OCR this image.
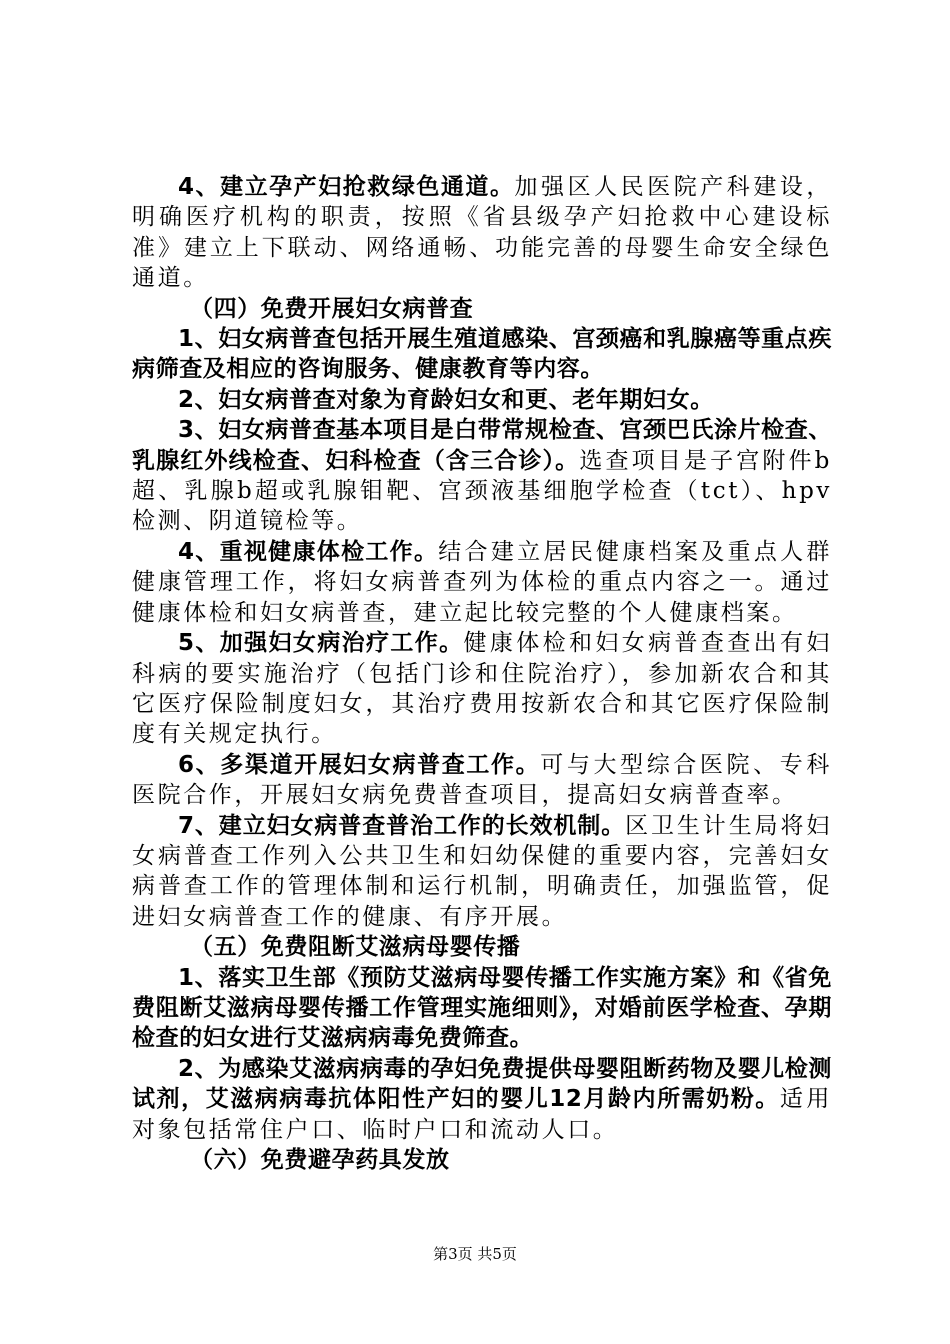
4、建立孕产妇抢救绿色通道。加强区人民医院产科建设，明确医疗机构的职责，按照《省县级孕产妇抢救中心建设标准》建立上下联动、网络通畅、功能完善的母婴生命安全绿色通道。

（四）免费开展妇女病普查

1、妇女病普查包括开展生殖道感染、宫颈癌和乳腺癌等重点疾病筛查及相应的咨询服务、健康教育等内容。

2、妇女病普查对象为育龄妇女和更、老年期妇女。

3、妇女病普查基本项目是白带常规检查、宫颈巴氏涂片检查、乳腺红外线检查、妇科检查（含三合诊）。选查项目是子宫附件b超、乳腺b超或乳腺钼靶、宫颈液基细胞学检查（tct）、hpv检测、阴道镜检等。

4、重视健康体检工作。结合建立居民健康档案及重点人群健康管理工作，将妇女病普查列为体检的重点内容之一。通过健康体检和妇女病普查，建立起比较完整的个人健康档案。

5、加强妇女病治疗工作。健康体检和妇女病普查查出有妇科病的要实施治疗（包括门诊和住院治疗），参加新农合和其它医疗保险制度妇女，其治疗费用按新农合和其它医疗保险制度有关规定执行。

6、多渠道开展妇女病普查工作。可与大型综合医院、专科医院合作，开展妇女病免费普查项目，提高妇女病普查率。

7、建立妇女病普查普治工作的长效机制。区卫生计生局将妇女病普查工作列入公共卫生和妇幼保健的重要内容，完善妇女病普查工作的管理体制和运行机制，明确责任，加强监管，促进妇女病普查工作的健康、有序开展。

（五）免费阻断艾滋病母婴传播

1、落实卫生部《预防艾滋病母婴传播工作实施方案》和《省免费阻断艾滋病母婴传播工作管理实施细则》，对婚前医学检查、孕期检查的妇女进行艾滋病病毒免费筛查。

2、为感染艾滋病病毒的孕妇免费提供母婴阻断药物及婴儿检测试剂，艾滋病病毒抗体阳性产妇的婴儿12月龄内所需奶粉。适用对象包括常住户口、临时户口和流动人口。

（六）免费避孕药具发放

第3页 共5页
